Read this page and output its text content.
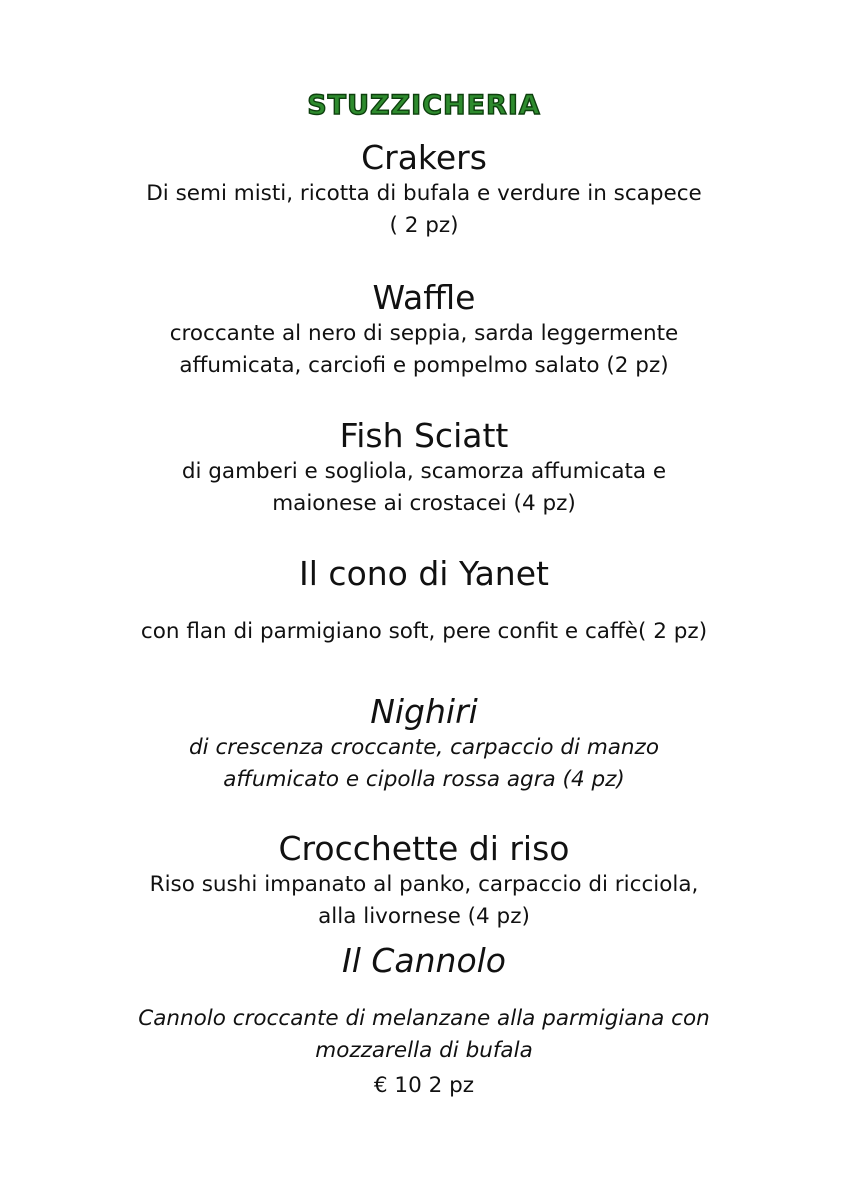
STUZZICHERIA
Crakers
Di semi misti, ricotta di bufala e verdure in scapece
( 2 pz)
Waffle
croccante al nero di seppia, sarda leggermente
affumicata, carciofi e pompelmo salato (2 pz)
Fish Sciatt
di gamberi e sogliola, scamorza affumicata e
maionese ai crostacei (4 pz)
Il cono di Yanet
con flan di parmigiano soft, pere confit e caffè( 2 pz)
Nighiri
di crescenza croccante, carpaccio di manzo
affumicato e cipolla rossa agra (4 pz)
Crocchette di riso
Riso sushi impanato al panko, carpaccio di ricciola,
alla livornese (4 pz)
Il Cannolo
Cannolo croccante di melanzane alla parmigiana con
mozzarella di bufala
€ 10 2 pz
